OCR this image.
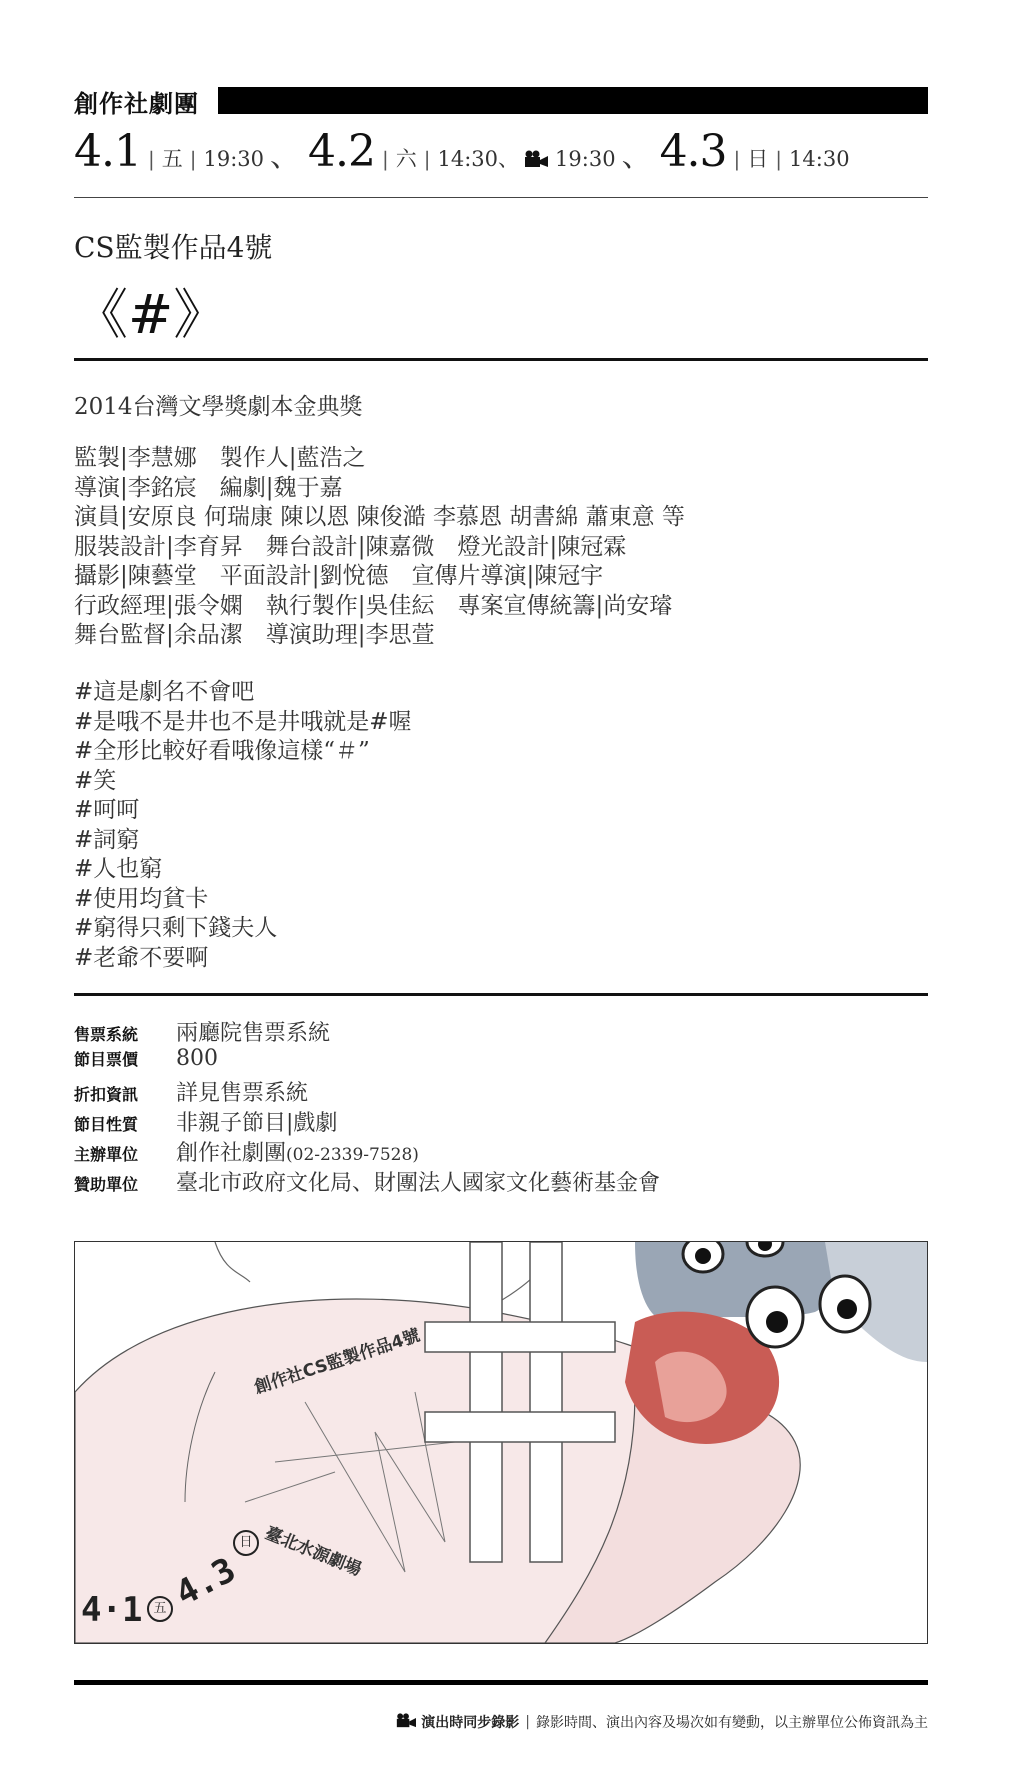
創作社劇團
4.1 | 五 | 19:30 、 4.2 | 六 | 14:30、 19:30 、 4.3 | 日 | 14:30
CS監製作品4號
《#》
2014台灣文學獎劇本金典獎
監製|李慧娜　製作人|藍浩之
導演|李銘宸　編劇|魏于嘉
演員|安原良 何瑞康 陳以恩 陳俊澔 李慕恩 胡書綿 蕭東意 等
服裝設計|李育昇　舞台設計|陳嘉微　燈光設計|陳冠霖
攝影|陳藝堂　平面設計|劉悅德　宣傳片導演|陳冠宇
行政經理|張令嫻　執行製作|吳佳紜　專案宣傳統籌|尚安璿
舞台監督|余品潔　導演助理|李思萱
#這是劇名不會吧
#是哦不是井也不是井哦就是#喔
#全形比較好看哦像這樣“＃”
#笑
#呵呵
#詞窮
#人也窮
#使用均貧卡
#窮得只剩下錢夫人
#老爺不要啊
售票系統	兩廳院售票系統
節目票價	800
折扣資訊	詳見售票系統
節目性質	非親子節目|戲劇
主辦單位	創作社劇團(02-2339-7528)
贊助單位	臺北市政府文化局、財團法人國家文化藝術基金會
創作社CS監製作品4號
4·1 五 4.3
日 臺北水源劇場
演出時同步錄影 | 錄影時間、演出內容及場次如有變動，以主辦單位公佈資訊為主
